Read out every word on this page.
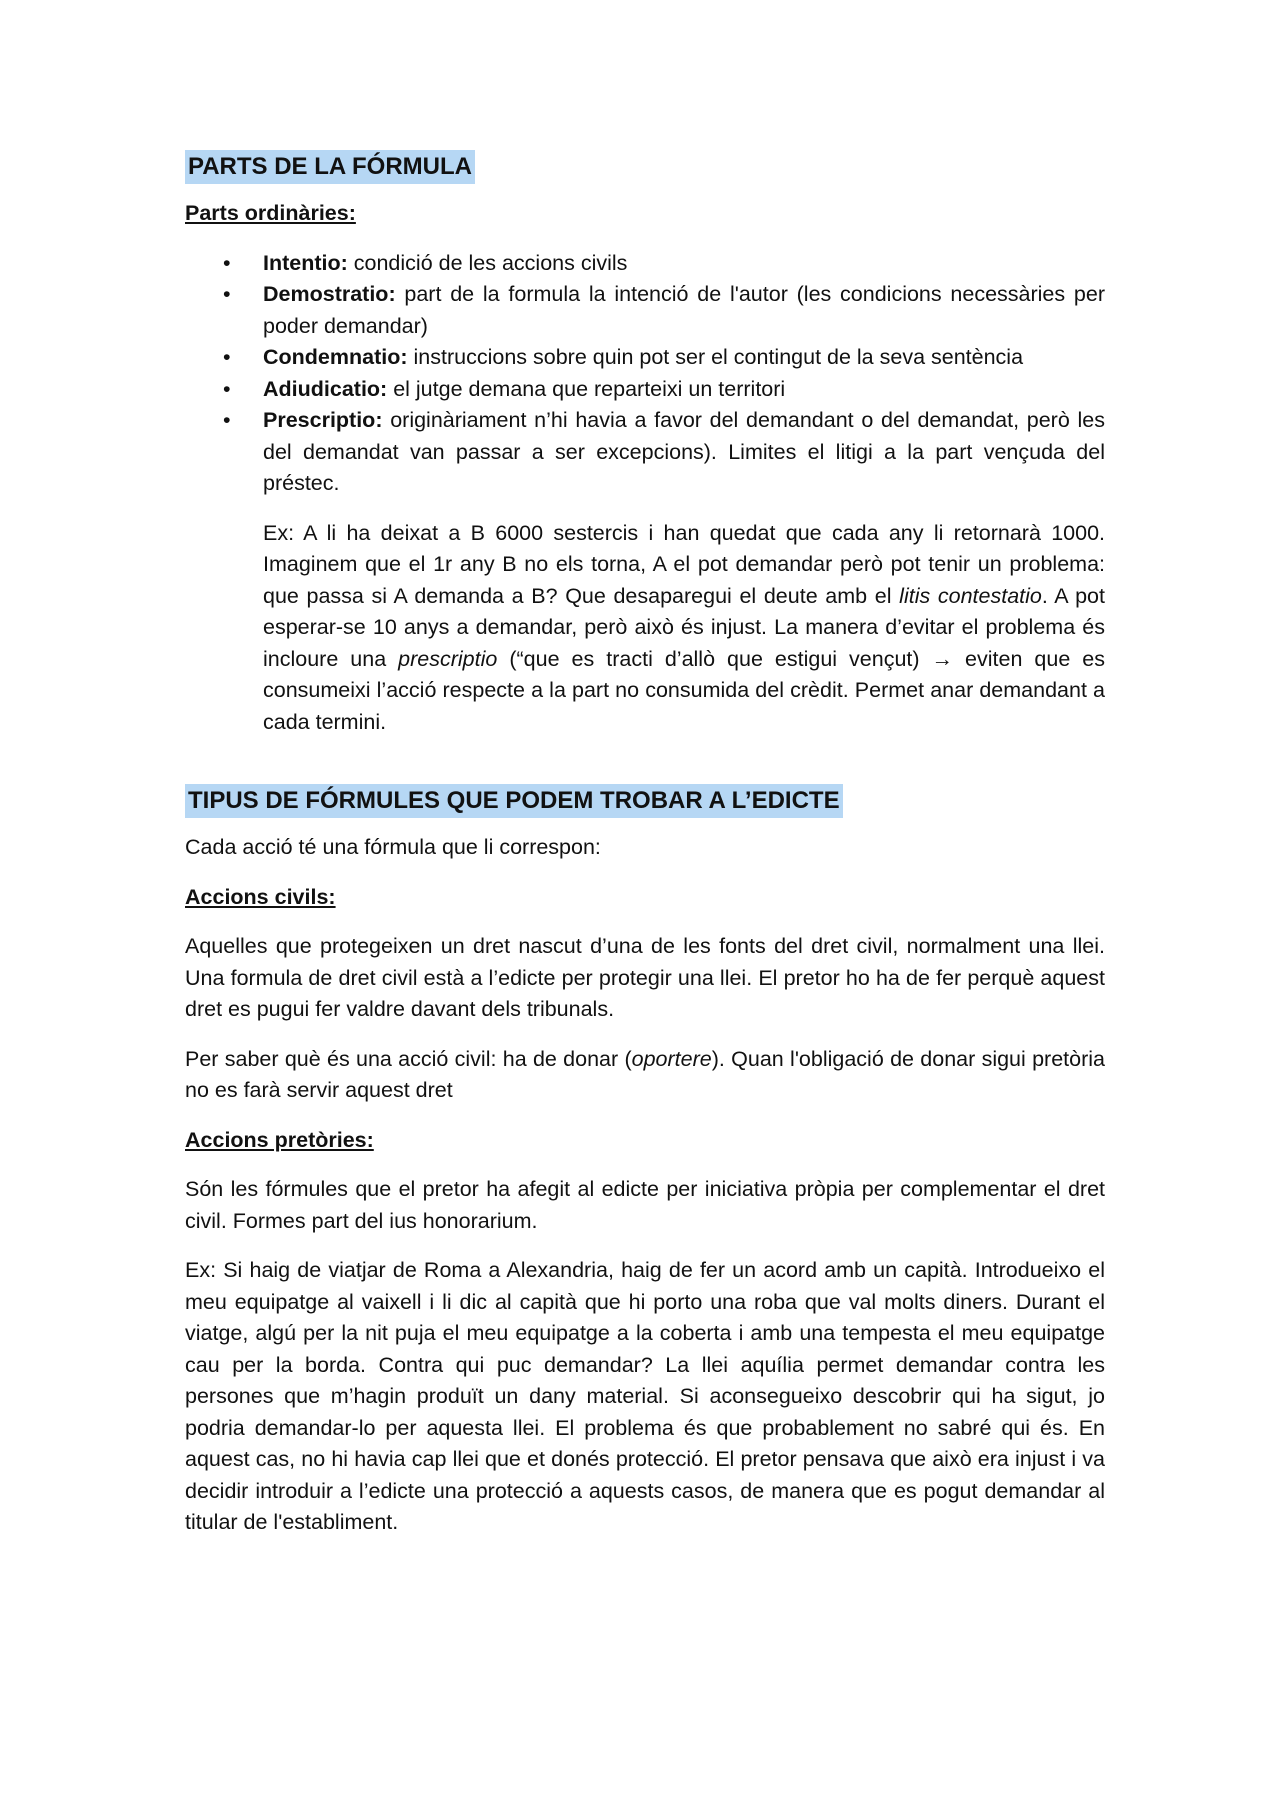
PARTS DE LA FÓRMULA

Parts ordinàries:

• Intentio: condició de les accions civils
• Demostratio: part de la formula la intenció de l'autor (les condicions necessàries per poder demandar)
• Condemnatio: instruccions sobre quin pot ser el contingut de la seva sentència
• Adiudicatio: el jutge demana que reparteixi un territori
• Prescriptio: originàriament n’hi havia a favor del demandant o del demandat, però les del demandat van passar a ser excepcions). Limites el litigi a la part vençuda del préstec.

Ex: A li ha deixat a B 6000 sestercis i han quedat que cada any li retornarà 1000. Imaginem que el 1r any B no els torna, A el pot demandar però pot tenir un problema: que passa si A demanda a B? Que desaparegui el deute amb el litis contestatio. A pot esperar-se 10 anys a demandar, però això és injust. La manera d’evitar el problema és incloure una prescriptio (“que es tracti d’allò que estigui vençut) → eviten que es consumeixi l’acció respecte a la part no consumida del crèdit. Permet anar demandant a cada termini.

TIPUS DE FÓRMULES QUE PODEM TROBAR A L’EDICTE

Cada acció té una fórmula que li correspon:

Accions civils:

Aquelles que protegeixen un dret nascut d’una de les fonts del dret civil, normalment una llei. Una formula de dret civil està a l’edicte per protegir una llei. El pretor ho ha de fer perquè aquest dret es pugui fer valdre davant dels tribunals.

Per saber què és una acció civil: ha de donar (oportere). Quan l'obligació de donar sigui pretòria no es farà servir aquest dret

Accions pretòries:

Són les fórmules que el pretor ha afegit al edicte per iniciativa pròpia per complementar el dret civil. Formes part del ius honorarium.

Ex: Si haig de viatjar de Roma a Alexandria, haig de fer un acord amb un capità. Introdueixo el meu equipatge al vaixell i li dic al capità que hi porto una roba que val molts diners. Durant el viatge, algú per la nit puja el meu equipatge a la coberta i amb una tempesta el meu equipatge cau per la borda. Contra qui puc demandar? La llei aquília permet demandar contra les persones que m’hagin produït un dany material. Si aconsegueixo descobrir qui ha sigut, jo podria demandar-lo per aquesta llei. El problema és que probablement no sabré qui és. En aquest cas, no hi havia cap llei que et donés protecció. El pretor pensava que això era injust i va decidir introduir a l’edicte una protecció a aquests casos, de manera que es pogut demandar al titular de l'establiment.
